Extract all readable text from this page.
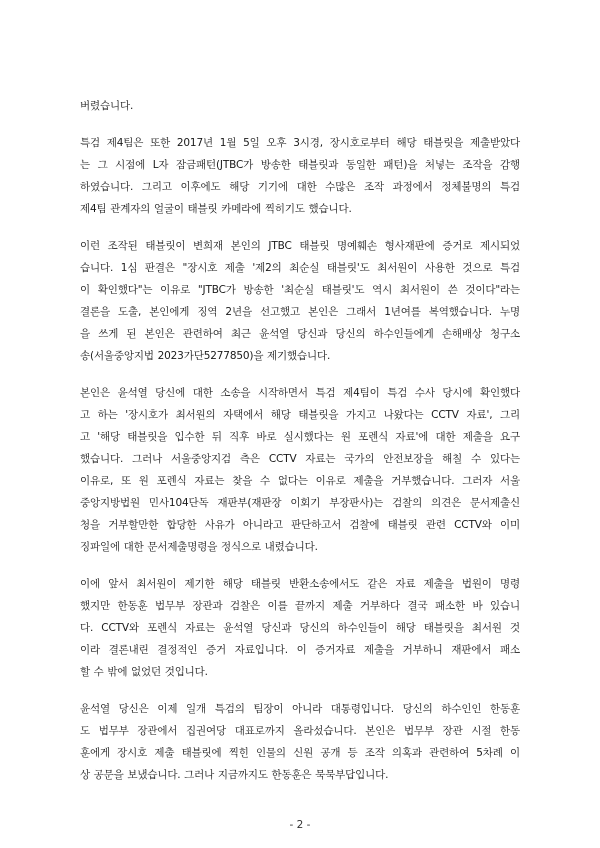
버렸습니다.
특검 제4팀은 또한 2017년 1월 5일 오후 3시경, 장시호로부터 해당 태블릿을 제출받았다
는 그 시점에 L자 잠금패턴(JTBC가 방송한 태블릿과 동일한 패턴)을 처넣는 조작을 감행
하였습니다. 그리고 이후에도 해당 기기에 대한 수많은 조작 과정에서 정체불명의 특검
제4팀 관계자의 얼굴이 태블릿 카메라에 찍히기도 했습니다.
이런 조작된 태블릿이 변희재 본인의 JTBC 태블릿 명예훼손 형사재판에 증거로 제시되었
습니다. 1심 판결은 "장시호 제출 '제2의 최순실 태블릿'도 최서원이 사용한 것으로 특검
이 확인했다"는 이유로 "JTBC가 방송한 '최순실 태블릿'도 역시 최서원이 쓴 것이다"라는
결론을 도출, 본인에게 징역 2년을 선고했고 본인은 그래서 1년여를 복역했습니다. 누명
을 쓰게 된 본인은 관련하여 최근 윤석열 당신과 당신의 하수인들에게 손해배상 청구소
송(서울중앙지법 2023가단5277850)을 제기했습니다.
본인은 윤석열 당신에 대한 소송을 시작하면서 특검 제4팀이 특검 수사 당시에 확인했다
고 하는 '장시호가 최서원의 자택에서 해당 태블릿을 가지고 나왔다는 CCTV 자료', 그리
고 '해당 태블릿을 입수한 뒤 직후 바로 실시했다는 원 포렌식 자료'에 대한 제출을 요구
했습니다. 그러나 서울중앙지검 측은 CCTV 자료는 국가의 안전보장을 해칠 수 있다는
이유로, 또 원 포렌식 자료는 찾을 수 없다는 이유로 제출을 거부했습니다. 그러자 서울
중앙지방법원 민사104단독 재판부(재판장 이회기 부장판사)는 검찰의 의견은 문서제출신
청을 거부할만한 합당한 사유가 아니라고 판단하고서 검찰에 태블릿 관련 CCTV와 이미
징파일에 대한 문서제출명령을 정식으로 내렸습니다.
이에 앞서 최서원이 제기한 해당 태블릿 반환소송에서도 같은 자료 제출을 법원이 명령
했지만 한동훈 법무부 장관과 검찰은 이를 끝까지 제출 거부하다 결국 패소한 바 있습니
다. CCTV와 포렌식 자료는 윤석열 당신과 당신의 하수인들이 해당 태블릿을 최서원 것
이라 결론내린 결정적인 증거 자료입니다. 이 증거자료 제출을 거부하니 재판에서 패소
할 수 밖에 없었던 것입니다.
윤석열 당신은 이제 일개 특검의 팀장이 아니라 대통령입니다. 당신의 하수인인 한동훈
도 법무부 장관에서 집권여당 대표로까지 올라섰습니다. 본인은 법무부 장관 시절 한동
훈에게 장시호 제출 태블릿에 찍힌 인물의 신원 공개 등 조작 의혹과 관련하여 5차례 이
상 공문을 보냈습니다. 그러나 지금까지도 한동훈은 묵묵부답입니다.
- 2 -
